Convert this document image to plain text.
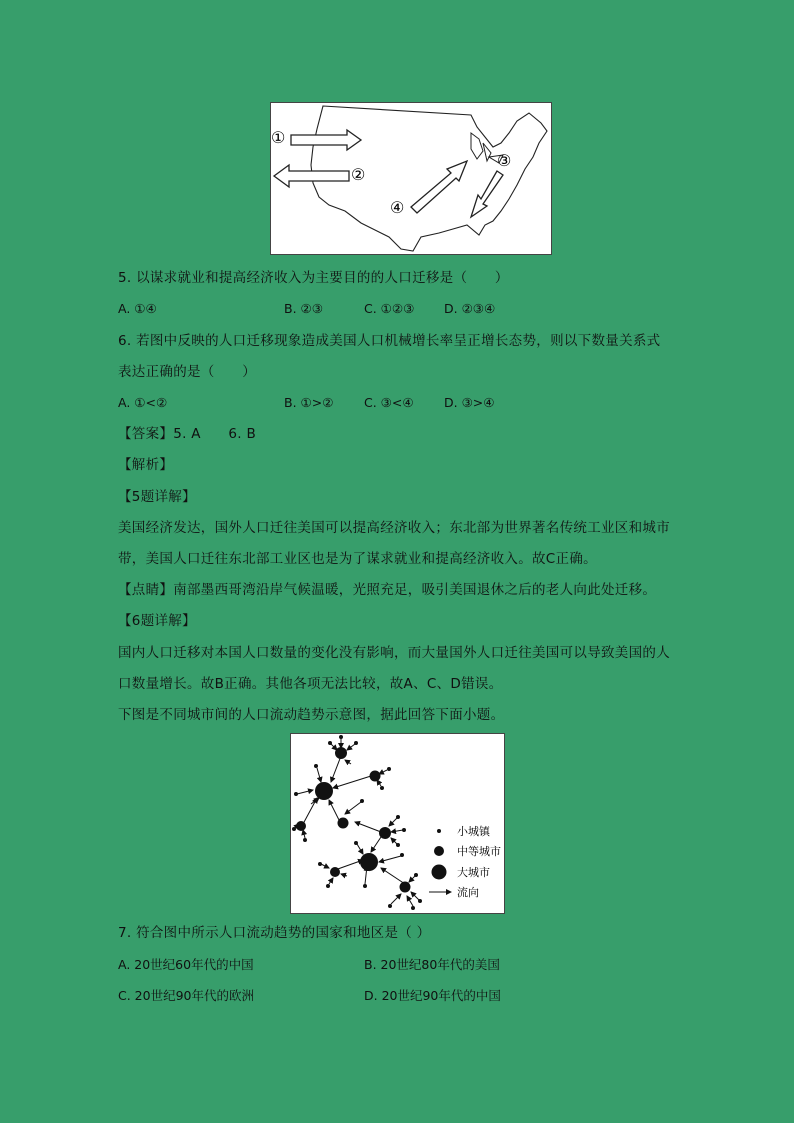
①
②
③
④
5. 以谋求就业和提高经济收入为主要目的的人口迁移是（　　）
A. ①④	B. ②③	C. ①②③ D. ②③④
6. 若图中反映的人口迁移现象造成美国人口机械增长率呈正增长态势，则以下数量关系式
表达正确的是（　　）
A. ①<②	B. ①>② C. ③<④ D. ③>④
【答案】5. A　　6. B
【解析】
【5题详解】
美国经济发达，国外人口迁往美国可以提高经济收入；东北部为世界著名传统工业区和城市
带，美国人口迁往东北部工业区也是为了谋求就业和提高经济收入。故C正确。
【点睛】南部墨西哥湾沿岸气候温暖，光照充足，吸引美国退休之后的老人向此处迁移。
【6题详解】
国内人口迁移对本国人口数量的变化没有影响，而大量国外人口迁往美国可以导致美国的人
口数量增长。故B正确。其他各项无法比较，故A、C、D错误。
下图是不同城市间的人口流动趋势示意图，据此回答下面小题。
小城镇
中等城市
大城市
流向
7. 符合图中所示人口流动趋势的国家和地区是（ ）
A. 20世纪60年代的中国	B. 20世纪80年代的美国
C. 20世纪90年代的欧洲	D. 20世纪90年代的中国
